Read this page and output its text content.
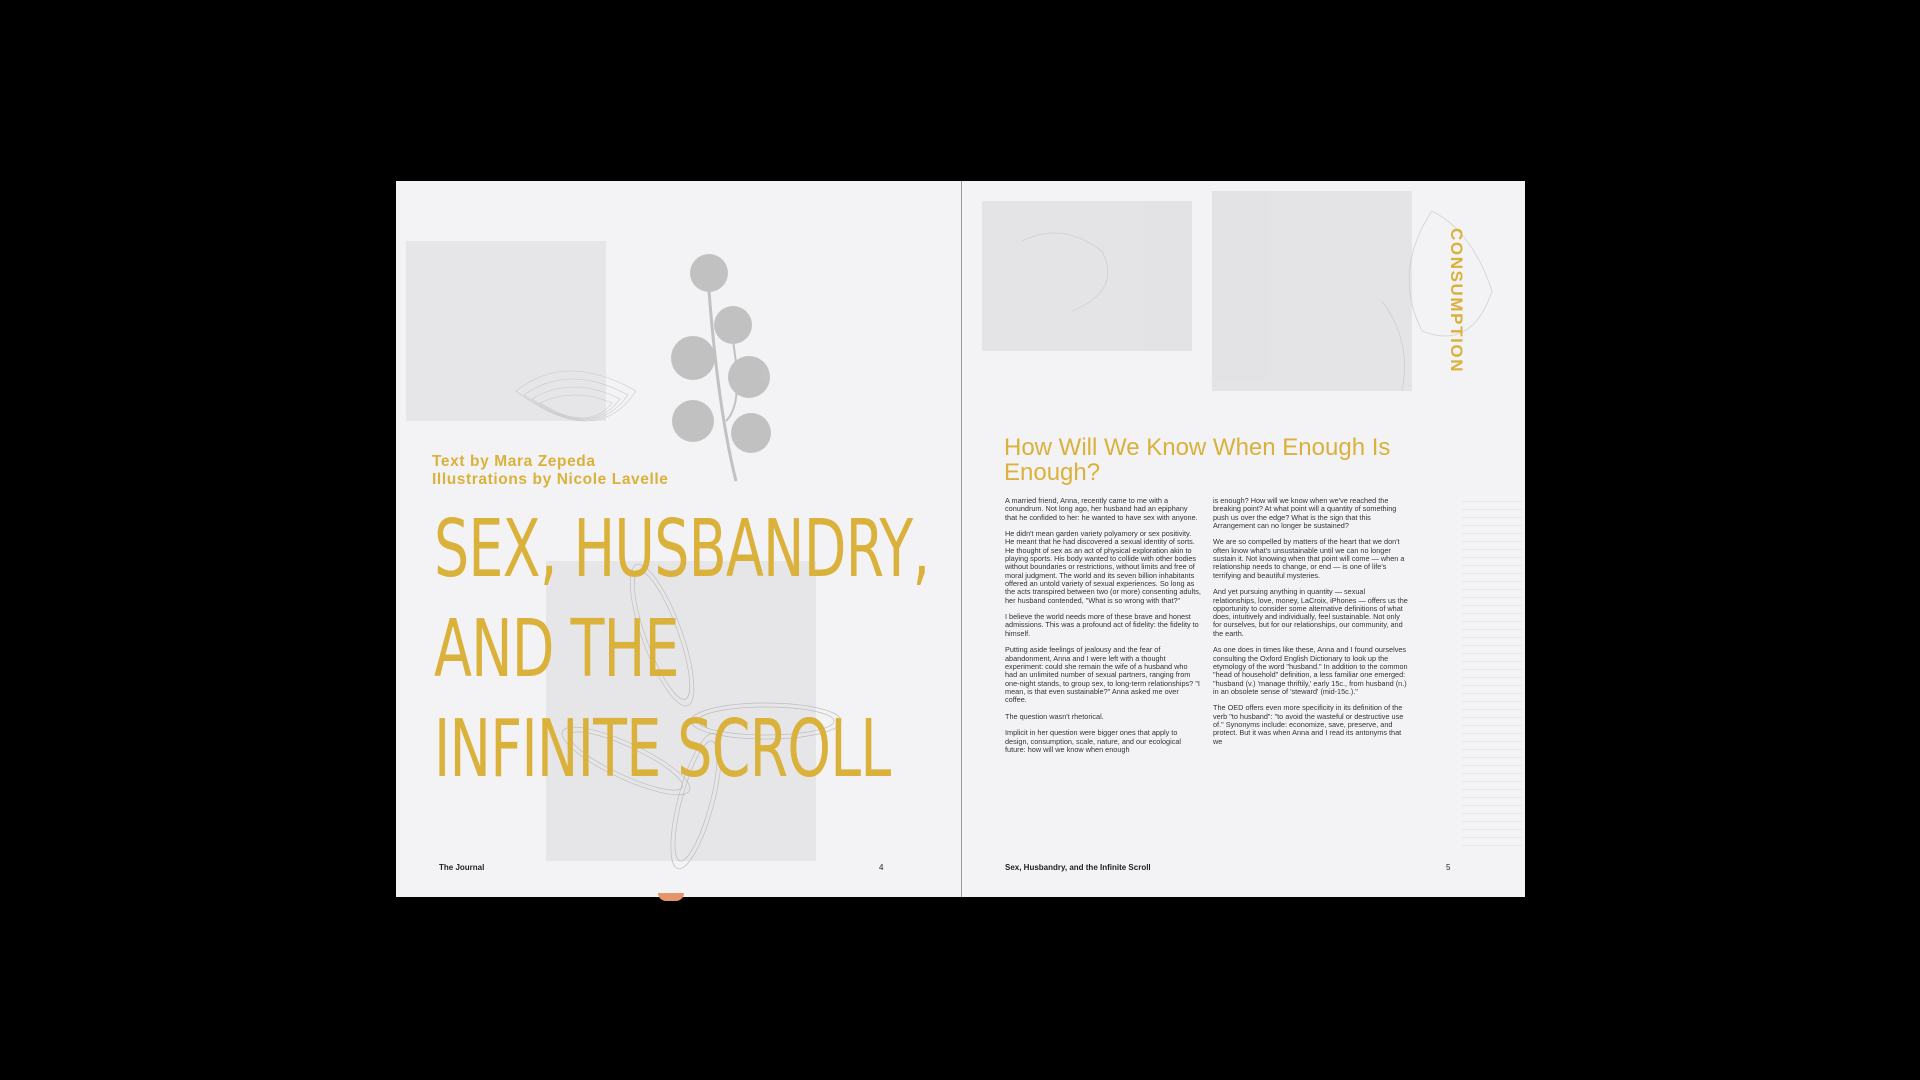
Text by Mara Zepeda
Illustrations by Nicole Lavelle
SEX, HUSBANDRY,
AND THE
INFINITE SCROLL
The Journal	4
CONSUMPTION
How Will We Know When Enough Is Enough?

A married friend, Anna, recently came to me with a conundrum. Not long ago, her husband had an epiphany that he confided to her: he wanted to have sex with anyone.

He didn't mean garden variety polyamory or sex positivity. He meant that he had discovered a sexual identity of sorts. He thought of sex as an act of physical exploration akin to playing sports. His body wanted to collide with other bodies without boundaries or restrictions, without limits and free of moral judgment. The world and its seven billion inhabitants offered an untold variety of sexual experiences. So long as the acts transpired between two (or more) consenting adults, her husband contended, "What is so wrong with that?"

I believe the world needs more of these brave and honest admissions. This was a profound act of fidelity: the fidelity to himself.

Putting aside feelings of jealousy and the fear of abandonment, Anna and I were left with a thought experiment: could she remain the wife of a husband who had an unlimited number of sexual partners, ranging from one-night stands, to group sex, to long-term relationships? "I mean, is that even sustainable?" Anna asked me over coffee.

The question wasn't rhetorical.

Implicit in her question were bigger ones that apply to design, consumption, scale, nature, and our ecological future: how will we know when enough

is enough? How will we know when we've reached the breaking point? At what point will a quantity of something push us over the edge? What is the sign that this Arrangement can no longer be sustained?

We are so compelled by matters of the heart that we don't often know what's unsustainable until we can no longer sustain it. Not knowing when that point will come — when a relationship needs to change, or end — is one of life's terrifying and beautiful mysteries.

And yet pursuing anything in quantity — sexual relationships, love, money, LaCroix, iPhones — offers us the opportunity to consider some alternative definitions of what does, intuitively and individually, feel sustainable. Not only for ourselves, but for our relationships, our community, and the earth.

As one does in times like these, Anna and I found ourselves consulting the Oxford English Dictionary to look up the etymology of the word "husband." In addition to the common "head of household" definition, a less familiar one emerged: "husband (v.) 'manage thriftily,' early 15c., from husband (n.) in an obsolete sense of 'steward' (mid-15c.)."

The OED offers even more specificity in its definition of the verb "to husband": "to avoid the wasteful or destructive use of." Synonyms include: economize, save, preserve, and protect. But it was when Anna and I read its antonyms that we

Sex, Husbandry, and the Infinite Scroll	5
